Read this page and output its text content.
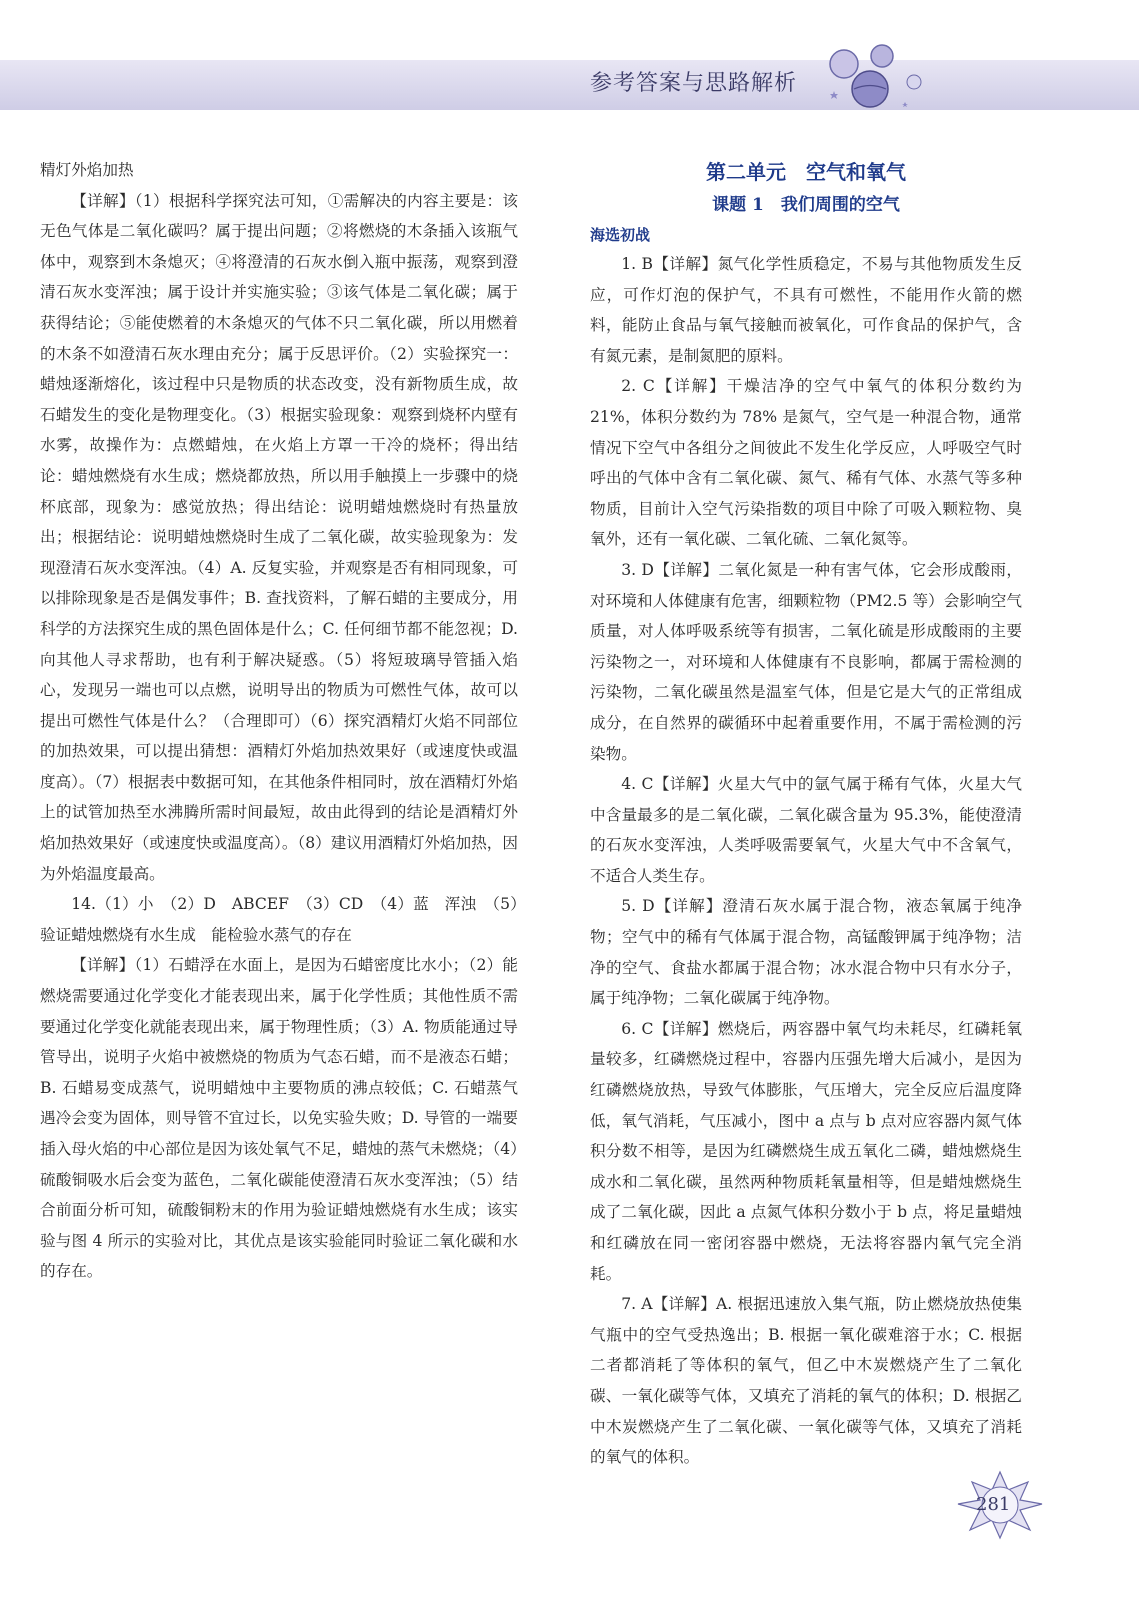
参考答案与思路解析

精灯外焰加热

【详解】（1）根据科学探究法可知，①需解决的内容主要是：该无色气体是二氧化碳吗？属于提出问题；②将燃烧的木条插入该瓶气体中，观察到木条熄灭；④将澄清的石灰水倒入瓶中振荡，观察到澄清石灰水变浑浊；属于设计并实施实验；③该气体是二氧化碳；属于获得结论；⑤能使燃着的木条熄灭的气体不只二氧化碳，所以用燃着的木条不如澄清石灰水理由充分；属于反思评价。（2）实验探究一：蜡烛逐渐熔化，该过程中只是物质的状态改变，没有新物质生成，故石蜡发生的变化是物理变化。（3）根据实验现象：观察到烧杯内壁有水雾，故操作为：点燃蜡烛，在火焰上方罩一干冷的烧杯；得出结论：蜡烛燃烧有水生成；燃烧都放热，所以用手触摸上一步骤中的烧杯底部，现象为：感觉放热；得出结论：说明蜡烛燃烧时有热量放出；根据结论：说明蜡烛燃烧时生成了二氧化碳，故实验现象为：发现澄清石灰水变浑浊。（4）A. 反复实验，并观察是否有相同现象，可以排除现象是否是偶发事件；B. 查找资料，了解石蜡的主要成分，用科学的方法探究生成的黑色固体是什么；C. 任何细节都不能忽视；D. 向其他人寻求帮助，也有利于解决疑惑。（5）将短玻璃导管插入焰心，发现另一端也可以点燃，说明导出的物质为可燃性气体，故可以提出可燃性气体是什么？（合理即可）（6）探究酒精灯火焰不同部位的加热效果，可以提出猜想：酒精灯外焰加热效果好（或速度快或温度高）。（7）根据表中数据可知，在其他条件相同时，放在酒精灯外焰上的试管加热至水沸腾所需时间最短，故由此得到的结论是酒精灯外焰加热效果好（或速度快或温度高）。（8）建议用酒精灯外焰加热，因为外焰温度最高。

14.（1）小　（2）D　ABCEF　（3）CD　（4）蓝　浑浊　（5）验证蜡烛燃烧有水生成　能检验水蒸气的存在

【详解】（1）石蜡浮在水面上，是因为石蜡密度比水小；（2）能燃烧需要通过化学变化才能表现出来，属于化学性质；其他性质不需要通过化学变化就能表现出来，属于物理性质；（3）A. 物质能通过导管导出，说明子火焰中被燃烧的物质为气态石蜡，而不是液态石蜡；B. 石蜡易变成蒸气，说明蜡烛中主要物质的沸点较低；C. 石蜡蒸气遇冷会变为固体，则导管不宜过长，以免实验失败；D. 导管的一端要插入母火焰的中心部位是因为该处氧气不足，蜡烛的蒸气未燃烧；（4）硫酸铜吸水后会变为蓝色，二氧化碳能使澄清石灰水变浑浊；（5）结合前面分析可知，硫酸铜粉末的作用为验证蜡烛燃烧有水生成；该实验与图 4 所示的实验对比，其优点是该实验能同时验证二氧化碳和水的存在。

第二单元　空气和氧气

课题 1　我们周围的空气

海选初战

1. B【详解】氮气化学性质稳定，不易与其他物质发生反应，可作灯泡的保护气，不具有可燃性，不能用作火箭的燃料，能防止食品与氧气接触而被氧化，可作食品的保护气，含有氮元素，是制氮肥的原料。

2. C【详解】干燥洁净的空气中氧气的体积分数约为 21%，体积分数约为 78% 是氮气，空气是一种混合物，通常情况下空气中各组分之间彼此不发生化学反应，人呼吸空气时呼出的气体中含有二氧化碳、氮气、稀有气体、水蒸气等多种物质，目前计入空气污染指数的项目中除了可吸入颗粒物、臭氧外，还有一氧化碳、二氧化硫、二氧化氮等。

3. D【详解】二氧化氮是一种有害气体，它会形成酸雨，对环境和人体健康有危害，细颗粒物（PM2.5 等）会影响空气质量，对人体呼吸系统等有损害，二氧化硫是形成酸雨的主要污染物之一，对环境和人体健康有不良影响，都属于需检测的污染物，二氧化碳虽然是温室气体，但是它是大气的正常组成成分，在自然界的碳循环中起着重要作用，不属于需检测的污染物。

4. C【详解】火星大气中的氩气属于稀有气体，火星大气中含量最多的是二氧化碳，二氧化碳含量为 95.3%，能使澄清的石灰水变浑浊，人类呼吸需要氧气，火星大气中不含氧气，不适合人类生存。

5. D【详解】澄清石灰水属于混合物，液态氧属于纯净物；空气中的稀有气体属于混合物，高锰酸钾属于纯净物；洁净的空气、食盐水都属于混合物；冰水混合物中只有水分子，属于纯净物；二氧化碳属于纯净物。

6. C【详解】燃烧后，两容器中氧气均未耗尽，红磷耗氧量较多，红磷燃烧过程中，容器内压强先增大后减小，是因为红磷燃烧放热，导致气体膨胀，气压增大，完全反应后温度降低，氧气消耗，气压减小，图中 a 点与 b 点对应容器内氮气体积分数不相等，是因为红磷燃烧生成五氧化二磷，蜡烛燃烧生成水和二氧化碳，虽然两种物质耗氧量相等，但是蜡烛燃烧生成了二氧化碳，因此 a 点氮气体积分数小于 b 点，将足量蜡烛和红磷放在同一密闭容器中燃烧，无法将容器内氧气完全消耗。

7. A【详解】A. 根据迅速放入集气瓶，防止燃烧放热使集气瓶中的空气受热逸出；B. 根据一氧化碳难溶于水；C. 根据二者都消耗了等体积的氧气，但乙中木炭燃烧产生了二氧化碳、一氧化碳等气体，又填充了消耗的氧气的体积；D. 根据乙中木炭燃烧产生了二氧化碳、一氧化碳等气体，又填充了消耗的氧气的体积。

281
